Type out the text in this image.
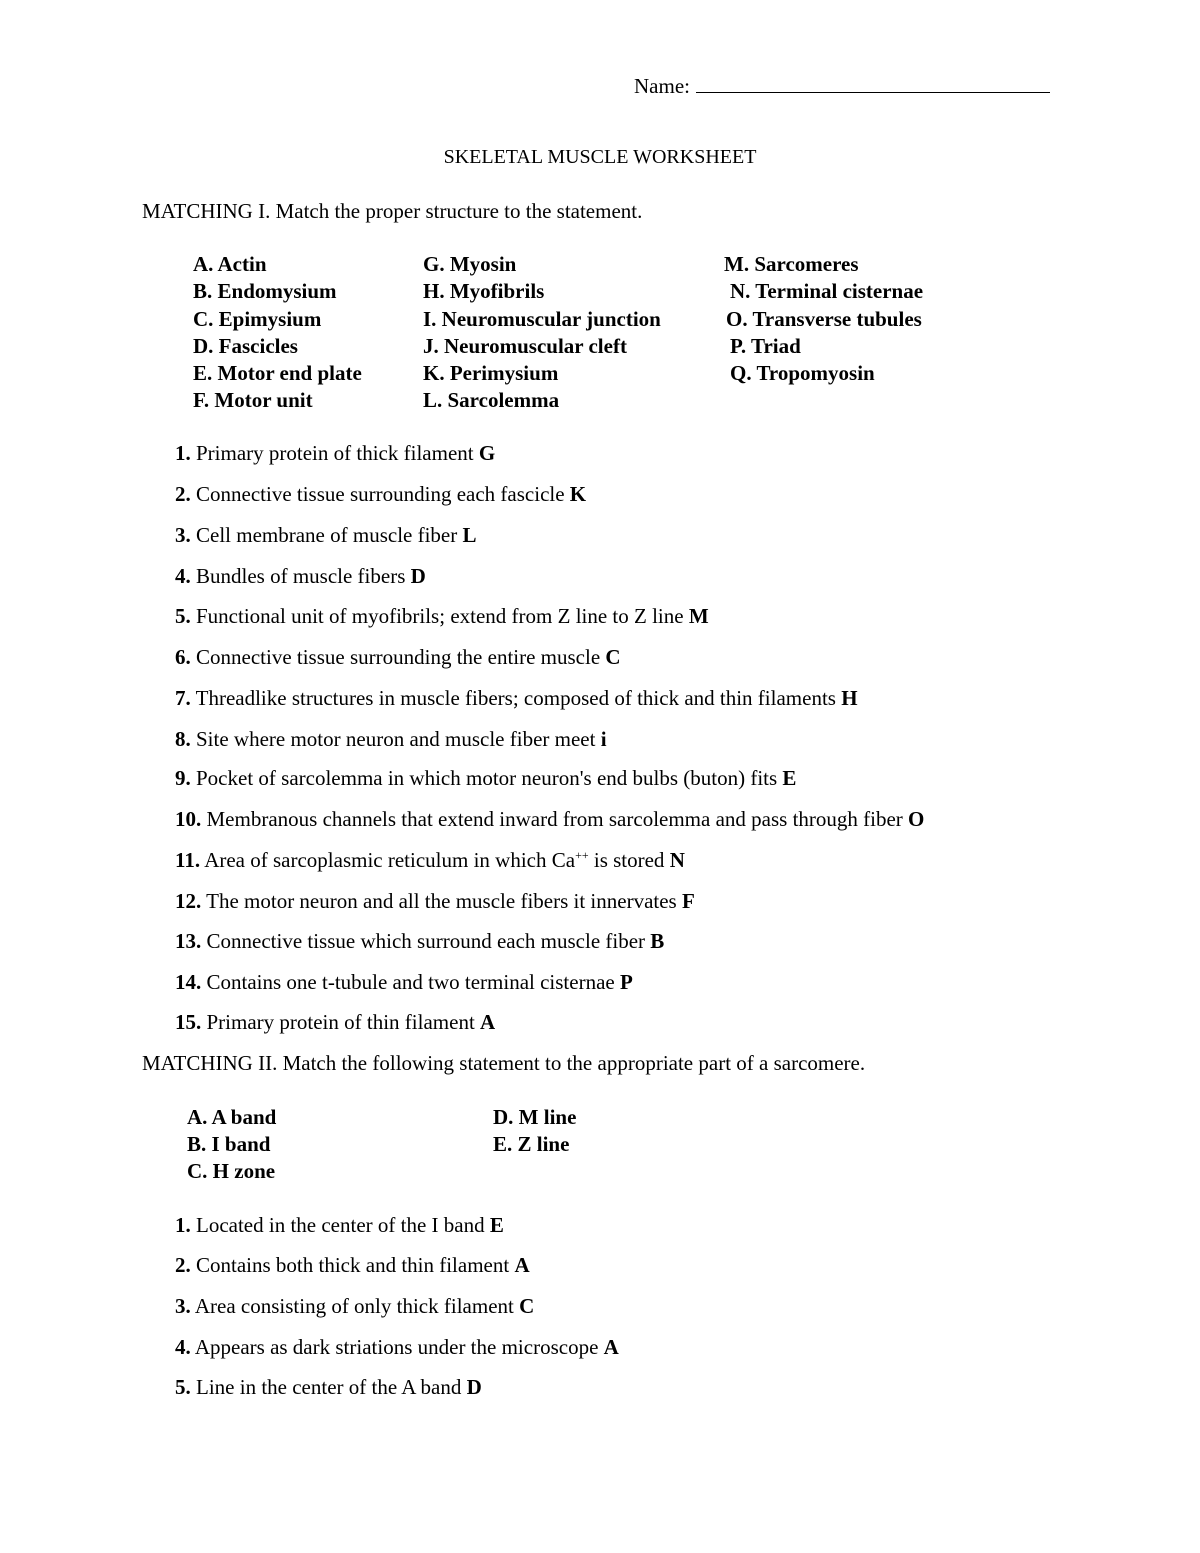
Name:
SKELETAL MUSCLE WORKSHEET
MATCHING I. Match the proper structure to the statement.
A. Actin
B. Endomysium
C. Epimysium
D. Fascicles
E. Motor end plate
F. Motor unit
G. Myosin
H. Myofibrils
I. Neuromuscular junction
J. Neuromuscular cleft
K. Perimysium
L. Sarcolemma
M. Sarcomeres
N. Terminal cisternae
O. Transverse tubules
P. Triad
Q. Tropomyosin
1. Primary protein of thick filament G
2. Connective tissue surrounding each fascicle K
3. Cell membrane of muscle fiber L
4. Bundles of muscle fibers D
5. Functional unit of myofibrils; extend from Z line to Z line M
6. Connective tissue surrounding the entire muscle C
7. Threadlike structures in muscle fibers; composed of thick and thin filaments H
8. Site where motor neuron and muscle fiber meet i
9. Pocket of sarcolemma in which motor neuron's end bulbs (buton) fits E
10. Membranous channels that extend inward from sarcolemma and pass through fiber O
11. Area of sarcoplasmic reticulum in which Ca++ is stored N
12. The motor neuron and all the muscle fibers it innervates F
13. Connective tissue which surround each muscle fiber B
14. Contains one t-tubule and two terminal cisternae P
15. Primary protein of thin filament A
MATCHING II. Match the following statement to the appropriate part of a sarcomere.
A. A band
B. I band
C. H zone
D. M line
E. Z line
1. Located in the center of the I band E
2. Contains both thick and thin filament A
3. Area consisting of only thick filament C
4. Appears as dark striations under the microscope A
5. Line in the center of the A band D
